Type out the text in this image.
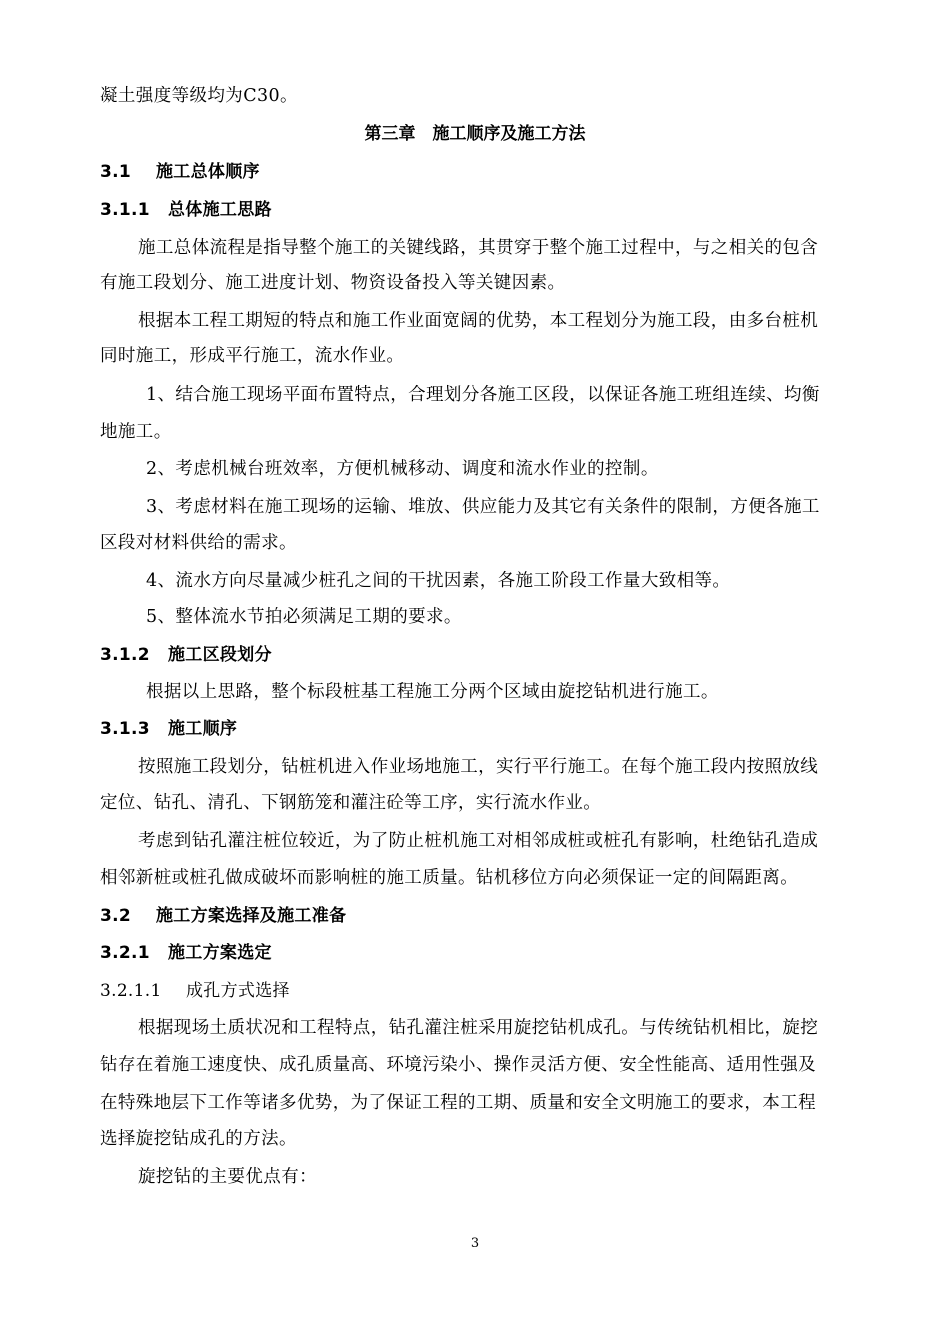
凝土强度等级均为C30。
第三章　施工顺序及施工方法
3.1 施工总体顺序
3.1.1 总体施工思路
施工总体流程是指导整个施工的关键线路，其贯穿于整个施工过程中，与之相关的包含
有施工段划分、施工进度计划、物资设备投入等关键因素。
根据本工程工期短的特点和施工作业面宽阔的优势，本工程划分为施工段，由多台桩机
同时施工，形成平行施工，流水作业。
1、结合施工现场平面布置特点，合理划分各施工区段，以保证各施工班组连续、均衡
地施工。
2、考虑机械台班效率，方便机械移动、调度和流水作业的控制。
3、考虑材料在施工现场的运输、堆放、供应能力及其它有关条件的限制，方便各施工
区段对材料供给的需求。
4、流水方向尽量减少桩孔之间的干扰因素，各施工阶段工作量大致相等。
5、整体流水节拍必须满足工期的要求。
3.1.2 施工区段划分
根据以上思路，整个标段桩基工程施工分两个区域由旋挖钻机进行施工。
3.1.3 施工顺序
按照施工段划分，钻桩机进入作业场地施工，实行平行施工。在每个施工段内按照放线
定位、钻孔、清孔、下钢筋笼和灌注砼等工序，实行流水作业。
考虑到钻孔灌注桩位较近，为了防止桩机施工对相邻成桩或桩孔有影响，杜绝钻孔造成
相邻新桩或桩孔做成破坏而影响桩的施工质量。钻机移位方向必须保证一定的间隔距离。
3.2 施工方案选择及施工准备
3.2.1 施工方案选定
3.2.1.1 成孔方式选择
根据现场土质状况和工程特点，钻孔灌注桩采用旋挖钻机成孔。与传统钻机相比，旋挖
钻存在着施工速度快、成孔质量高、环境污染小、操作灵活方便、安全性能高、适用性强及
在特殊地层下工作等诸多优势，为了保证工程的工期、质量和安全文明施工的要求，本工程
选择旋挖钻成孔的方法。
旋挖钻的主要优点有：
3
